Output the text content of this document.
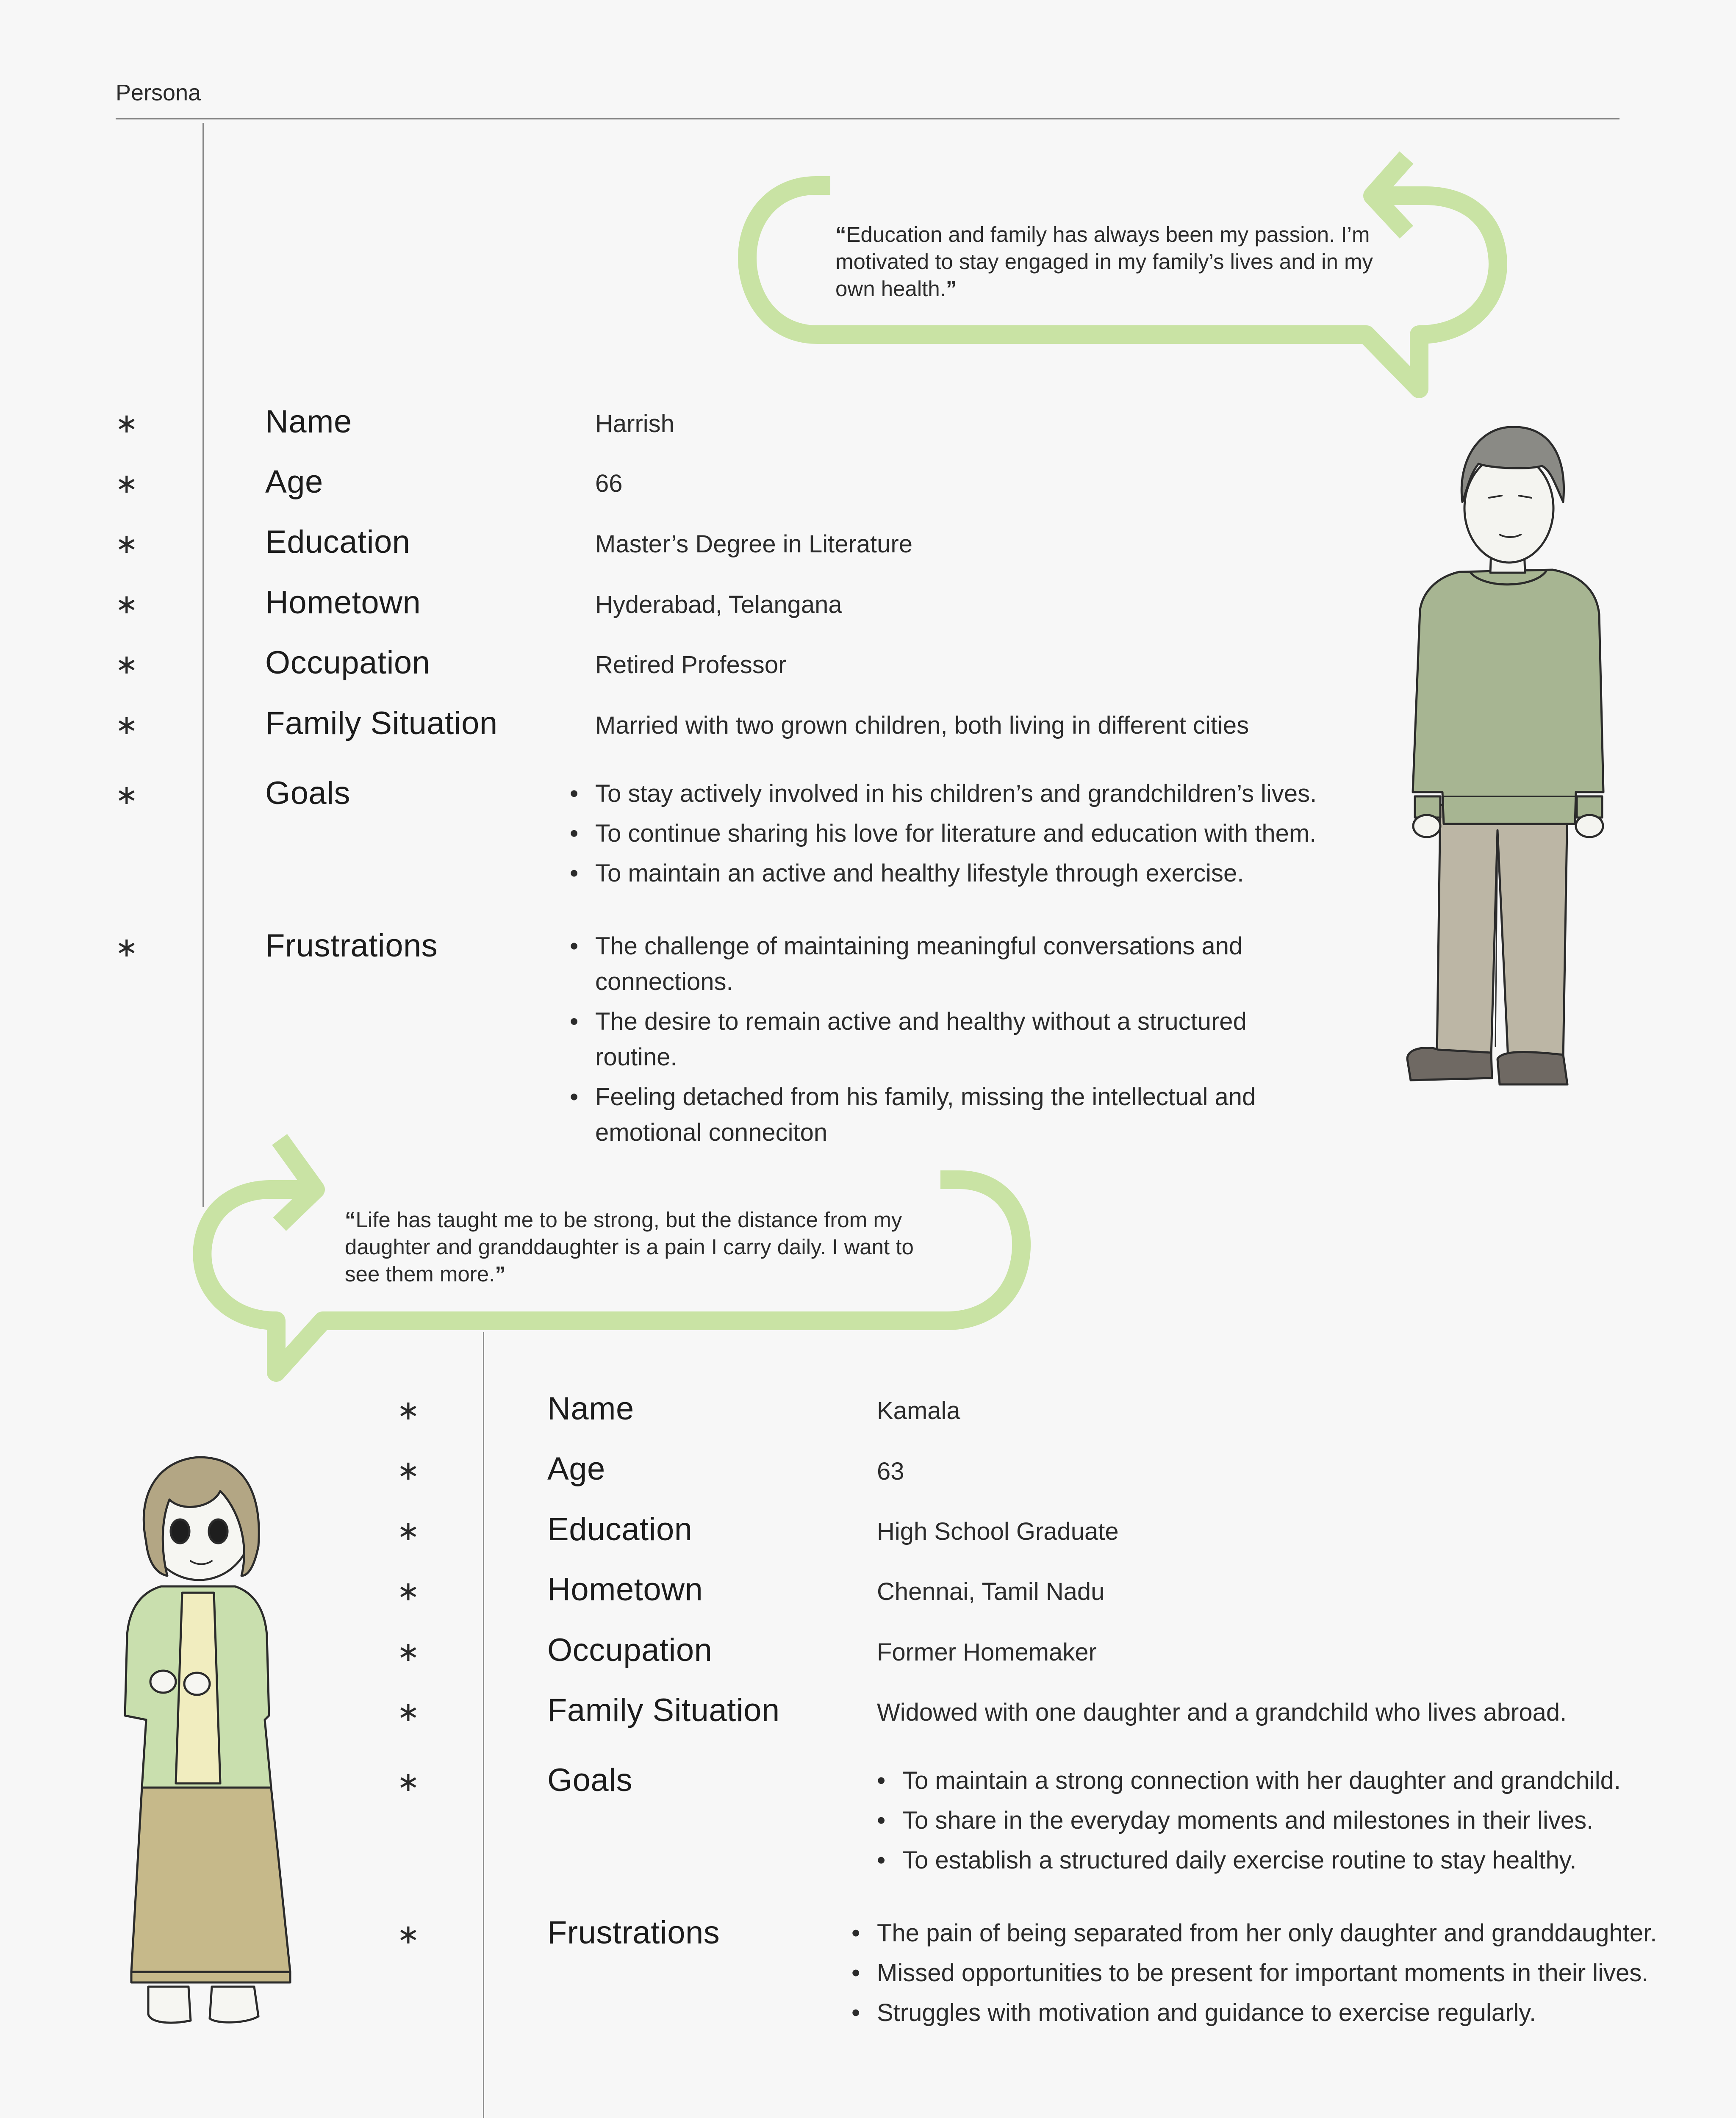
Persona
“Education and family has always been my passion. I’m motivated to stay engaged in my family’s lives and in my own health.”
∗	Name	Harrish
∗	Age	66
∗	Education	Master’s Degree in Literature
∗	Hometown	Hyderabad, Telangana
∗	Occupation	Retired Professor
∗	Family Situation	Married with two grown children, both living in different cities
∗	Goals	• To stay actively involved in his children’s and grandchildren’s lives.
• To continue sharing his love for literature and education with them.
• To maintain an active and healthy lifestyle through exercise.
∗	Frustrations	• The challenge of maintaining meaningful conversations and connections.
• The desire to remain active and healthy without a structured routine.
• Feeling detached from his family, missing the intellectual and emotional conneciton
“Life has taught me to be strong, but the distance from my daughter and granddaughter is a pain I carry daily. I want to see them more.”
∗	Name	Kamala
∗	Age	63
∗	Education	High School Graduate
∗	Hometown	Chennai, Tamil Nadu
∗	Occupation	Former Homemaker
∗	Family Situation	Widowed with one daughter and a grandchild who lives abroad.
∗	Goals	• To maintain a strong connection with her daughter and grandchild.
• To share in the everyday moments and milestones in their lives.
• To establish a structured daily exercise routine to stay healthy.
∗	Frustrations	• The pain of being separated from her only daughter and granddaughter.
• Missed opportunities to be present for important moments in their lives.
• Struggles with motivation and guidance to exercise regularly.
